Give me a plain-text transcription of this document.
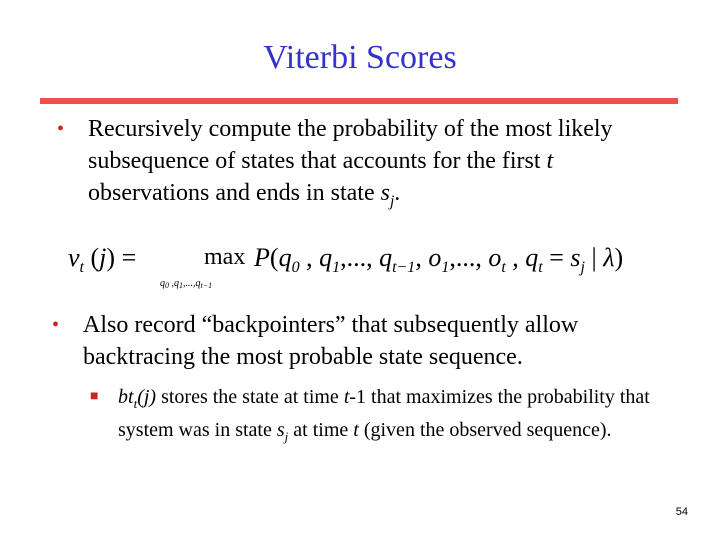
Viterbi Scores
• Recursively compute the probability of the most likely subsequence of states that accounts for the first t observations and ends in state $s_j$.
$v_t$ (j) =	max
$q_0$ $,q_1,...,q_{t-1}$
$P(q_0$ , $q_1$,..., $q_{t-1}$, $o_1$,..., $o_t$ , $q_t = s_j$ | λ)
• Also record “backpointers” that subsequently allow backtracing the most probable state sequence.
■ $bt_t(j)$ stores the state at time t-1 that maximizes the probability that system was in state $s_j$ at time t (given the observed sequence).
54
